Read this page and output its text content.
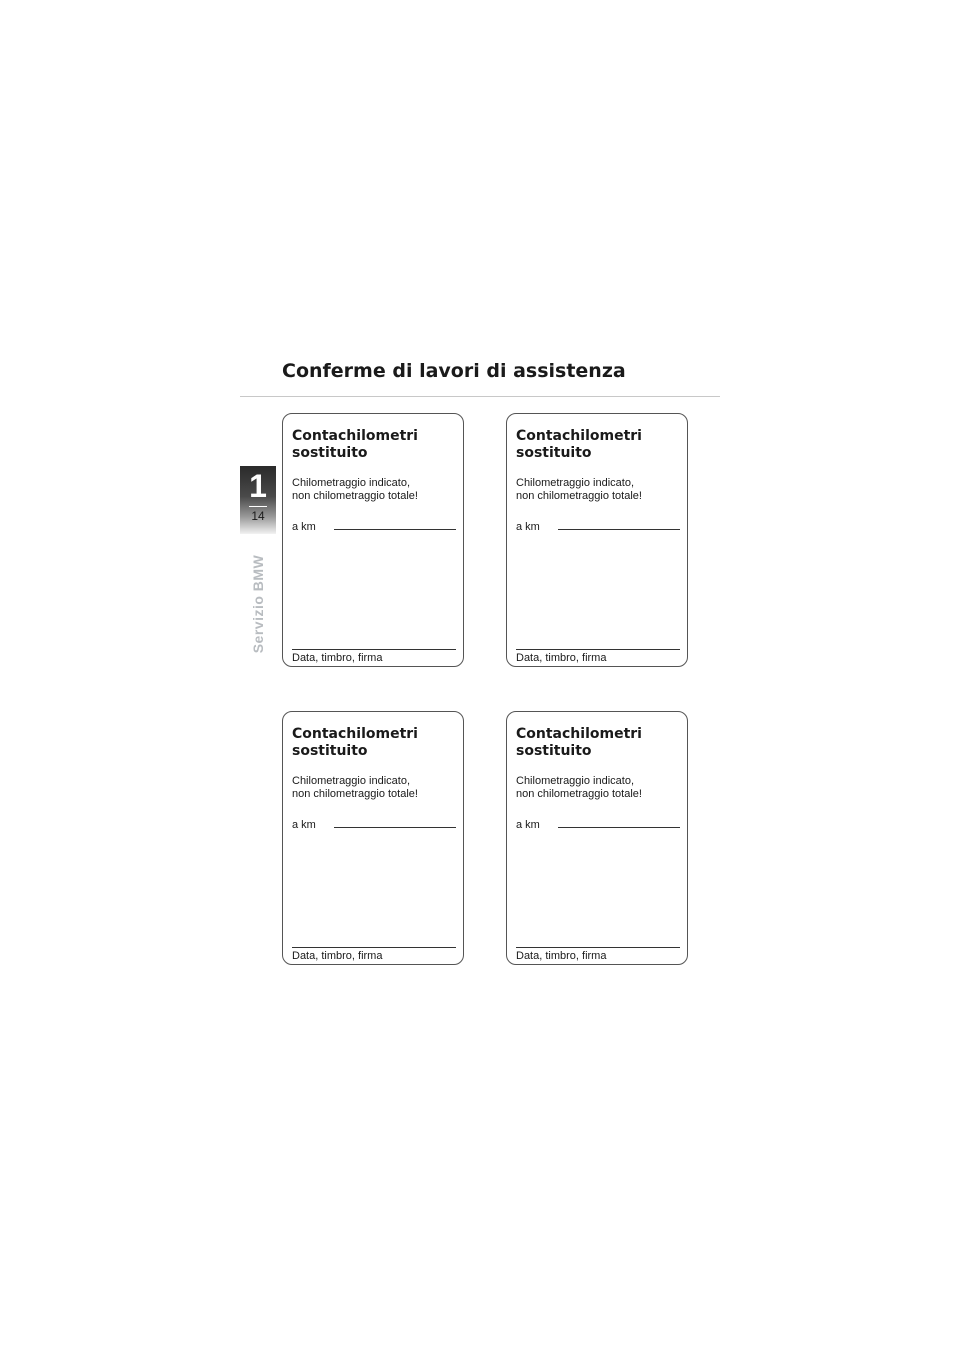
Conferme di lavori di assistenza
1
14
Servizio BMW
Contachilometri
sostituito
Chilometraggio indicato,
non chilometraggio totale!
a km
Data, timbro, firma
Contachilometri
sostituito
Chilometraggio indicato,
non chilometraggio totale!
a km
Data, timbro, firma
Contachilometri
sostituito
Chilometraggio indicato,
non chilometraggio totale!
a km
Data, timbro, firma
Contachilometri
sostituito
Chilometraggio indicato,
non chilometraggio totale!
a km
Data, timbro, firma
